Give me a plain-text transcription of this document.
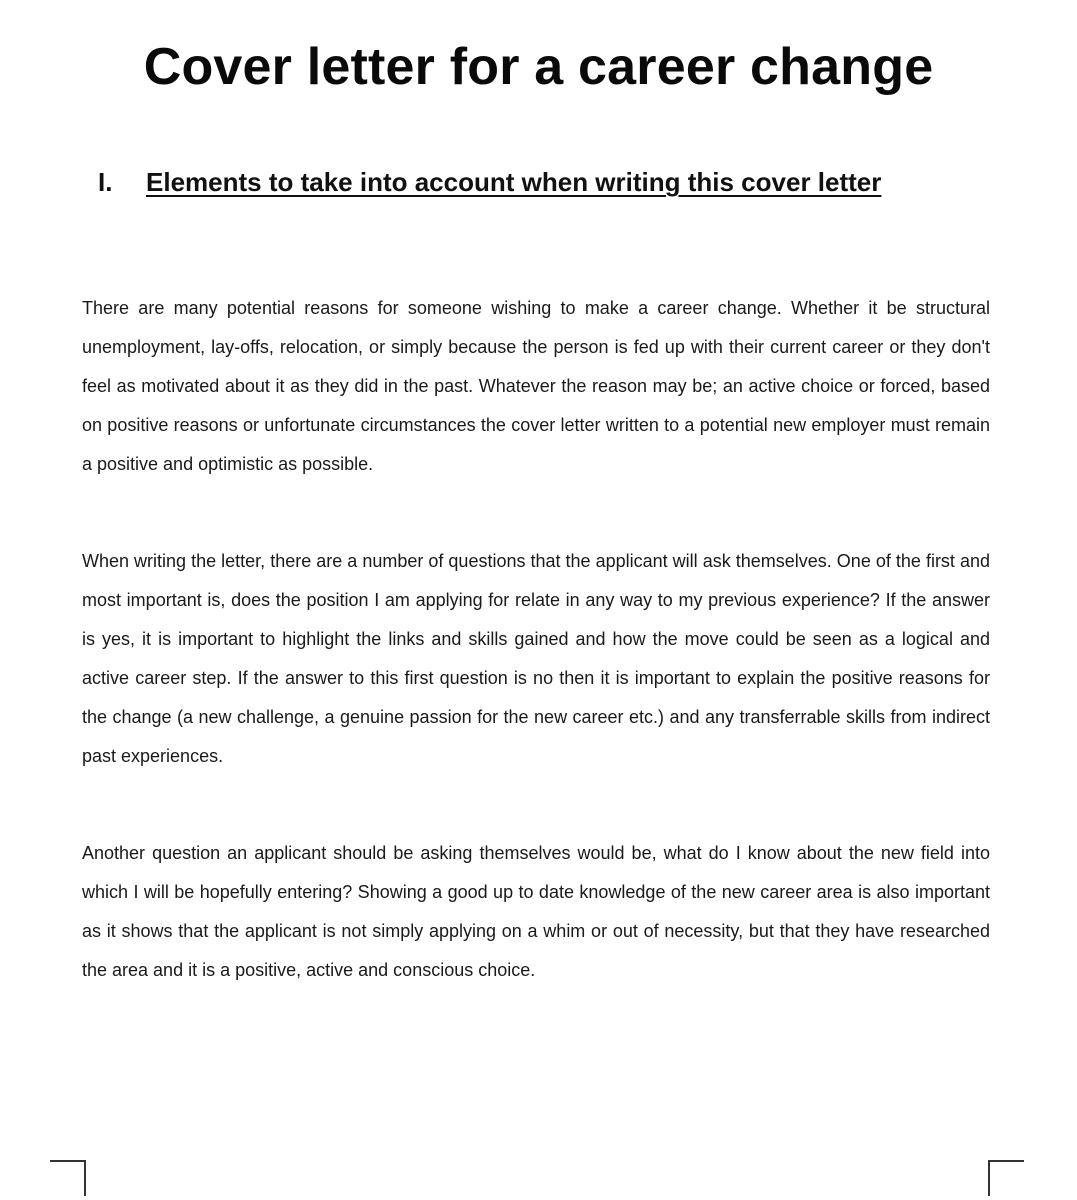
Cover letter for a career change
I. Elements to take into account when writing this cover letter

There are many potential reasons for someone wishing to make a career change. Whether it be structural unemployment, lay-offs, relocation, or simply because the person is fed up with their current career or they don't feel as motivated about it as they did in the past. Whatever the reason may be; an active choice or forced, based on positive reasons or unfortunate circumstances the cover letter written to a potential new employer must remain a positive and optimistic as possible.

When writing the letter, there are a number of questions that the applicant will ask themselves. One of the first and most important is, does the position I am applying for relate in any way to my previous experience? If the answer is yes, it is important to highlight the links and skills gained and how the move could be seen as a logical and active career step. If the answer to this first question is no then it is important to explain the positive reasons for the change (a new challenge, a genuine passion for the new career etc.) and any transferrable skills from indirect past experiences.

Another question an applicant should be asking themselves would be, what do I know about the new field into which I will be hopefully entering? Showing a good up to date knowledge of the new career area is also important as it shows that the applicant is not simply applying on a whim or out of necessity, but that they have researched the area and it is a positive, active and conscious choice.
